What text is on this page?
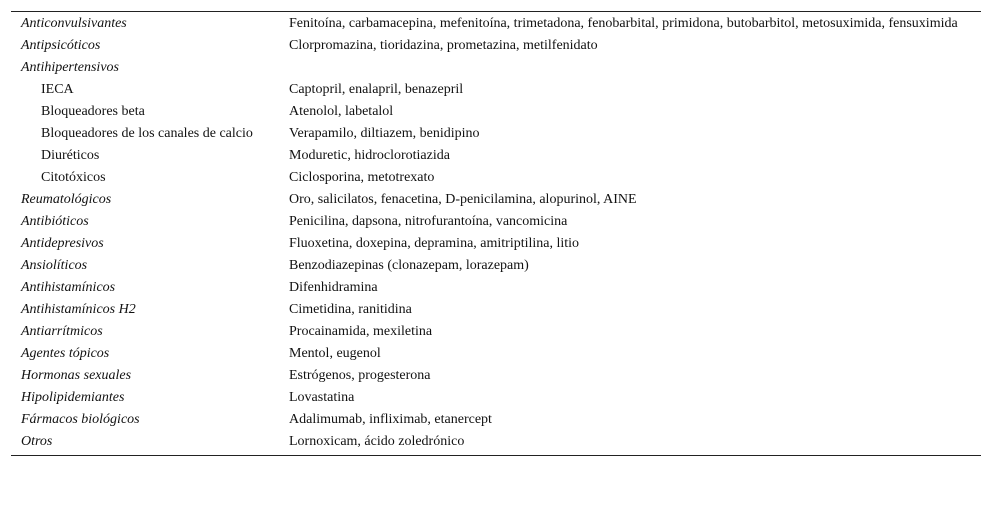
Anticonvulsivantes	Fenitoína, carbamacepina, mefenitoína, trimetadona, fenobarbital, primidona, butobarbitol, metosuximida, fensuximida
Antipsicóticos	Clorpromazina, tioridazina, prometazina, metilfenidato
Antihipertensivos	
IECA	Captopril, enalapril, benazepril
Bloqueadores beta	Atenolol, labetalol
Bloqueadores de los canales de calcio	Verapamilo, diltiazem, benidipino
Diuréticos	Moduretic, hidroclorotiazida
Citotóxicos	Ciclosporina, metotrexato
Reumatológicos	Oro, salicilatos, fenacetina, D-penicilamina, alopurinol, AINE
Antibióticos	Penicilina, dapsona, nitrofurantoína, vancomicina
Antidepresivos	Fluoxetina, doxepina, depramina, amitriptilina, litio
Ansiolíticos	Benzodiazepinas (clonazepam, lorazepam)
Antihistamínicos	Difenhidramina
Antihistamínicos H2	Cimetidina, ranitidina
Antiarrítmicos	Procainamida, mexiletina
Agentes tópicos	Mentol, eugenol
Hormonas sexuales	Estrógenos, progesterona
Hipolipidemiantes	Lovastatina
Fármacos biológicos	Adalimumab, infliximab, etanercept
Otros	Lornoxicam, ácido zoledrónico
